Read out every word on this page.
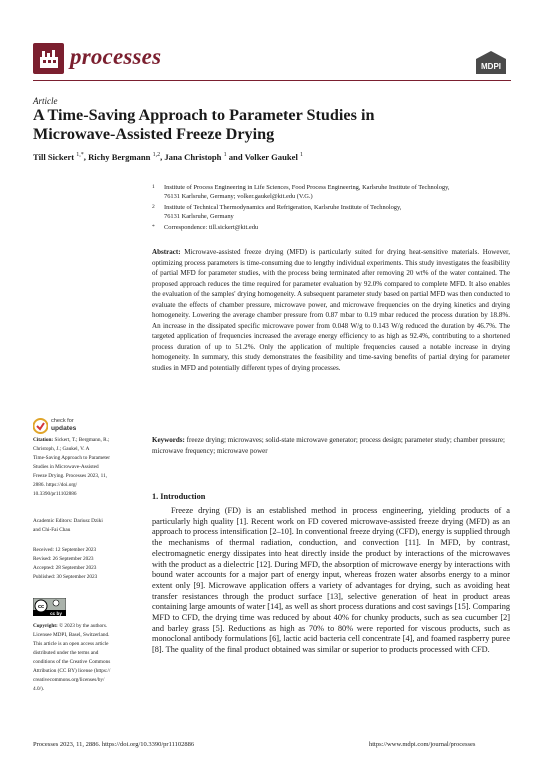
processes	MDPI
Article
A Time-Saving Approach to Parameter Studies in Microwave-Assisted Freeze Drying
Till Sickert $^{1,*}$, Richy Bergmann $^{1,2}$, Jana Christoph $^1$ and Volker Gaukel $^1$
1 Institute of Process Engineering in Life Sciences, Food Process Engineering, Karlsruhe Institute of Technology,
76131 Karlsruhe, Germany; volker.gaukel@kit.edu (V.G.)
2 Institute of Technical Thermodynamics and Refrigeration, Karlsruhe Institute of Technology,
76131 Karlsruhe, Germany
* Correspondence: till.sickert@kit.edu
Abstract: Microwave-assisted freeze drying (MFD) is particularly suited for drying heat-sensitive materials. However, optimizing process parameters is time-consuming due to lengthy individual experiments. This study investigates the feasibility of partial MFD for parameter studies, with the process being terminated after removing 20 wt% of the water contained. The proposed approach reduces the time required for parameter evaluation by 92.0% compared to complete MFD. It also enables the evaluation of the samples' drying homogeneity. A subsequent parameter study based on partial MFD was then conducted to evaluate the effects of chamber pressure, microwave power, and microwave frequencies on the drying kinetics and drying homogeneity. Lowering the average chamber pressure from 0.87 mbar to 0.19 mbar reduced the process duration by 18.8%. An increase in the dissipated specific microwave power from 0.048 W/g to 0.143 W/g reduced the duration by 46.7%. The targeted application of frequencies increased the average energy efficiency to as high as 92.4%, contributing to a shortened process duration of up to 51.2%. Only the application of multiple frequencies caused a notable increase in drying homogeneity. In summary, this study demonstrates the feasibility and time-saving benefits of partial drying for parameter studies in MFD and potentially different types of drying processes.
Keywords: freeze drying; microwaves; solid-state microwave generator; process design; parameter study; chamber pressure; microwave frequency; microwave power
check for
updates
Citation: Sickert, T.; Bergmann, R.;
Christoph, J.; Gaukel, V. A
Time-Saving Approach to Parameter
Studies in Microwave-Assisted
Freeze Drying. Processes 2023, 11,
2886. https://doi.org/
10.3390/pr11102886
Academic Editors: Dariusz Dziki
and Chi-Fai Chau
Received: 12 September 2023
Revised: 26 September 2023
Accepted: 28 September 2023
Published: 30 September 2023
cc
cc by
Copyright: © 2023 by the authors.
Licensee MDPI, Basel, Switzerland.
This article is an open access article
distributed under the terms and
conditions of the Creative Commons
Attribution (CC BY) license (https://
creativecommons.org/licenses/by/
4.0/).
1. Introduction
Freeze drying (FD) is an established method in process engineering, yielding products of a particularly high quality [1]. Recent work on FD covered microwave-assisted freeze drying (MFD) as an approach to process intensification [2–10]. In conventional freeze drying (CFD), energy is supplied through the mechanisms of thermal radiation, conduction, and convection [11]. In MFD, by contrast, electromagnetic energy dissipates into heat directly inside the product by interactions of the microwaves with the product as a dielectric [12]. During MFD, the absorption of microwave energy by interactions with bound water accounts for a major part of energy input, whereas frozen water absorbs energy to a minor extent only [9]. Microwave application offers a variety of advantages for drying, such as avoiding heat transfer resistances through the product surface [13], selective generation of heat in product areas containing large amounts of water [14], as well as short process durations and cost savings [15]. Comparing MFD to CFD, the drying time was reduced by about 40% for chunky products, such as sea cucumber [2] and barley grass [5]. Reductions as high as 70% to 80% were reported for viscous products, such as monoclonal antibody formulations [6], lactic acid bacteria cell concentrate [4], and foamed raspberry puree [8]. The quality of the final product obtained was similar or superior to products processed with CFD.
Processes 2023, 11, 2886. https://doi.org/10.3390/pr11102886	https://www.mdpi.com/journal/processes
